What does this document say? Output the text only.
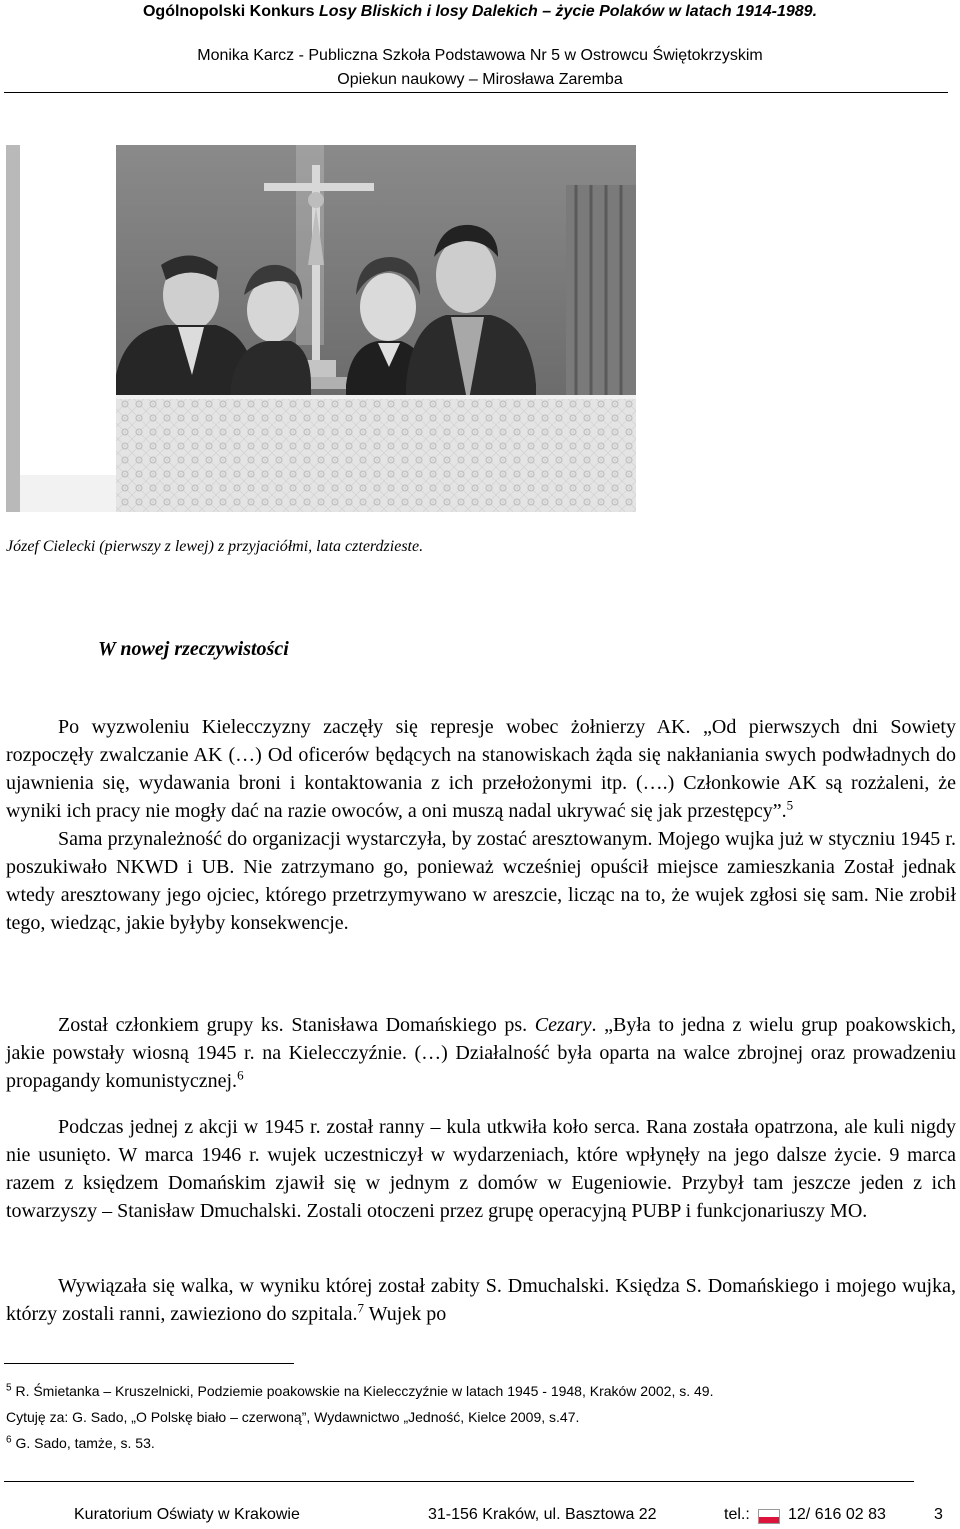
Ogólnopolski Konkurs Losy Bliskich i losy Dalekich – życie Polaków w latach 1914-1989.
Monika Karcz - Publiczna Szkoła Podstawowa Nr 5 w Ostrowcu Świętokrzyskim
Opiekun naukowy – Mirosława Zaremba
Józef Cielecki (pierwszy z lewej) z przyjaciółmi, lata czterdzieste.
W nowej rzeczywistości

Po wyzwoleniu Kielecczyzny zaczęły się represje wobec żołnierzy AK. „Od pierwszych dni Sowiety rozpoczęły zwalczanie AK (…) Od oficerów będących na stanowiskach żąda się nakłaniania swych podwładnych do ujawnienia się, wydawania broni i kontaktowania z ich przełożonymi itp. (….) Członkowie AK są rozżaleni, że wyniki ich pracy nie mogły dać na razie owoców, a oni muszą nadal ukrywać się jak przestępcy”.$^5$

Sama przynależność do organizacji wystarczyła, by zostać aresztowanym. Mojego wujka już w styczniu 1945 r. poszukiwało NKWD i UB. Nie zatrzymano go, ponieważ wcześniej opuścił miejsce zamieszkania Został jednak wtedy aresztowany jego ojciec, którego przetrzymywano w areszcie, licząc na to, że wujek zgłosi się sam. Nie zrobił tego, wiedząc, jakie byłyby konsekwencje.

Został członkiem grupy ks. Stanisława Domańskiego ps. Cezary. „Była to jedna z wielu grup poakowskich, jakie powstały wiosną 1945 r. na Kielecczyźnie. (…) Działalność była oparta na walce zbrojnej oraz prowadzeniu propagandy komunistycznej.$^6$

Podczas jednej z akcji w 1945 r. został ranny – kula utkwiła koło serca. Rana została opatrzona, ale kuli nigdy nie usunięto. W marca 1946 r. wujek uczestniczył w wydarzeniach, które wpłynęły na jego dalsze życie. 9 marca razem z księdzem Domańskim zjawił się w jednym z domów w Eugeniowie. Przybył tam jeszcze jeden z ich towarzyszy – Stanisław Dmuchalski. Zostali otoczeni przez grupę operacyjną PUBP i funkcjonariuszy MO.

Wywiązała się walka, w wyniku której został zabity S. Dmuchalski. Księdza S. Domańskiego i mojego wujka, którzy zostali ranni, zawieziono do szpitala.$^7$ Wujek po

$^5$ R. Śmietanka – Kruszelnicki, Podziemie poakowskie na Kielecczyźnie w latach 1945 - 1948, Kraków 2002, s. 49.
Cytuję za: G. Sado, „O Polskę biało – czerwoną”, Wydawnictwo „Jedność, Kielce 2009, s.47.
$^6$ G. Sado, tamże, s. 53.
Kuratorium Oświaty w Krakowie	31-156 Kraków, ul. Basztowa 22	tel.: 12/ 616 02 83	3
